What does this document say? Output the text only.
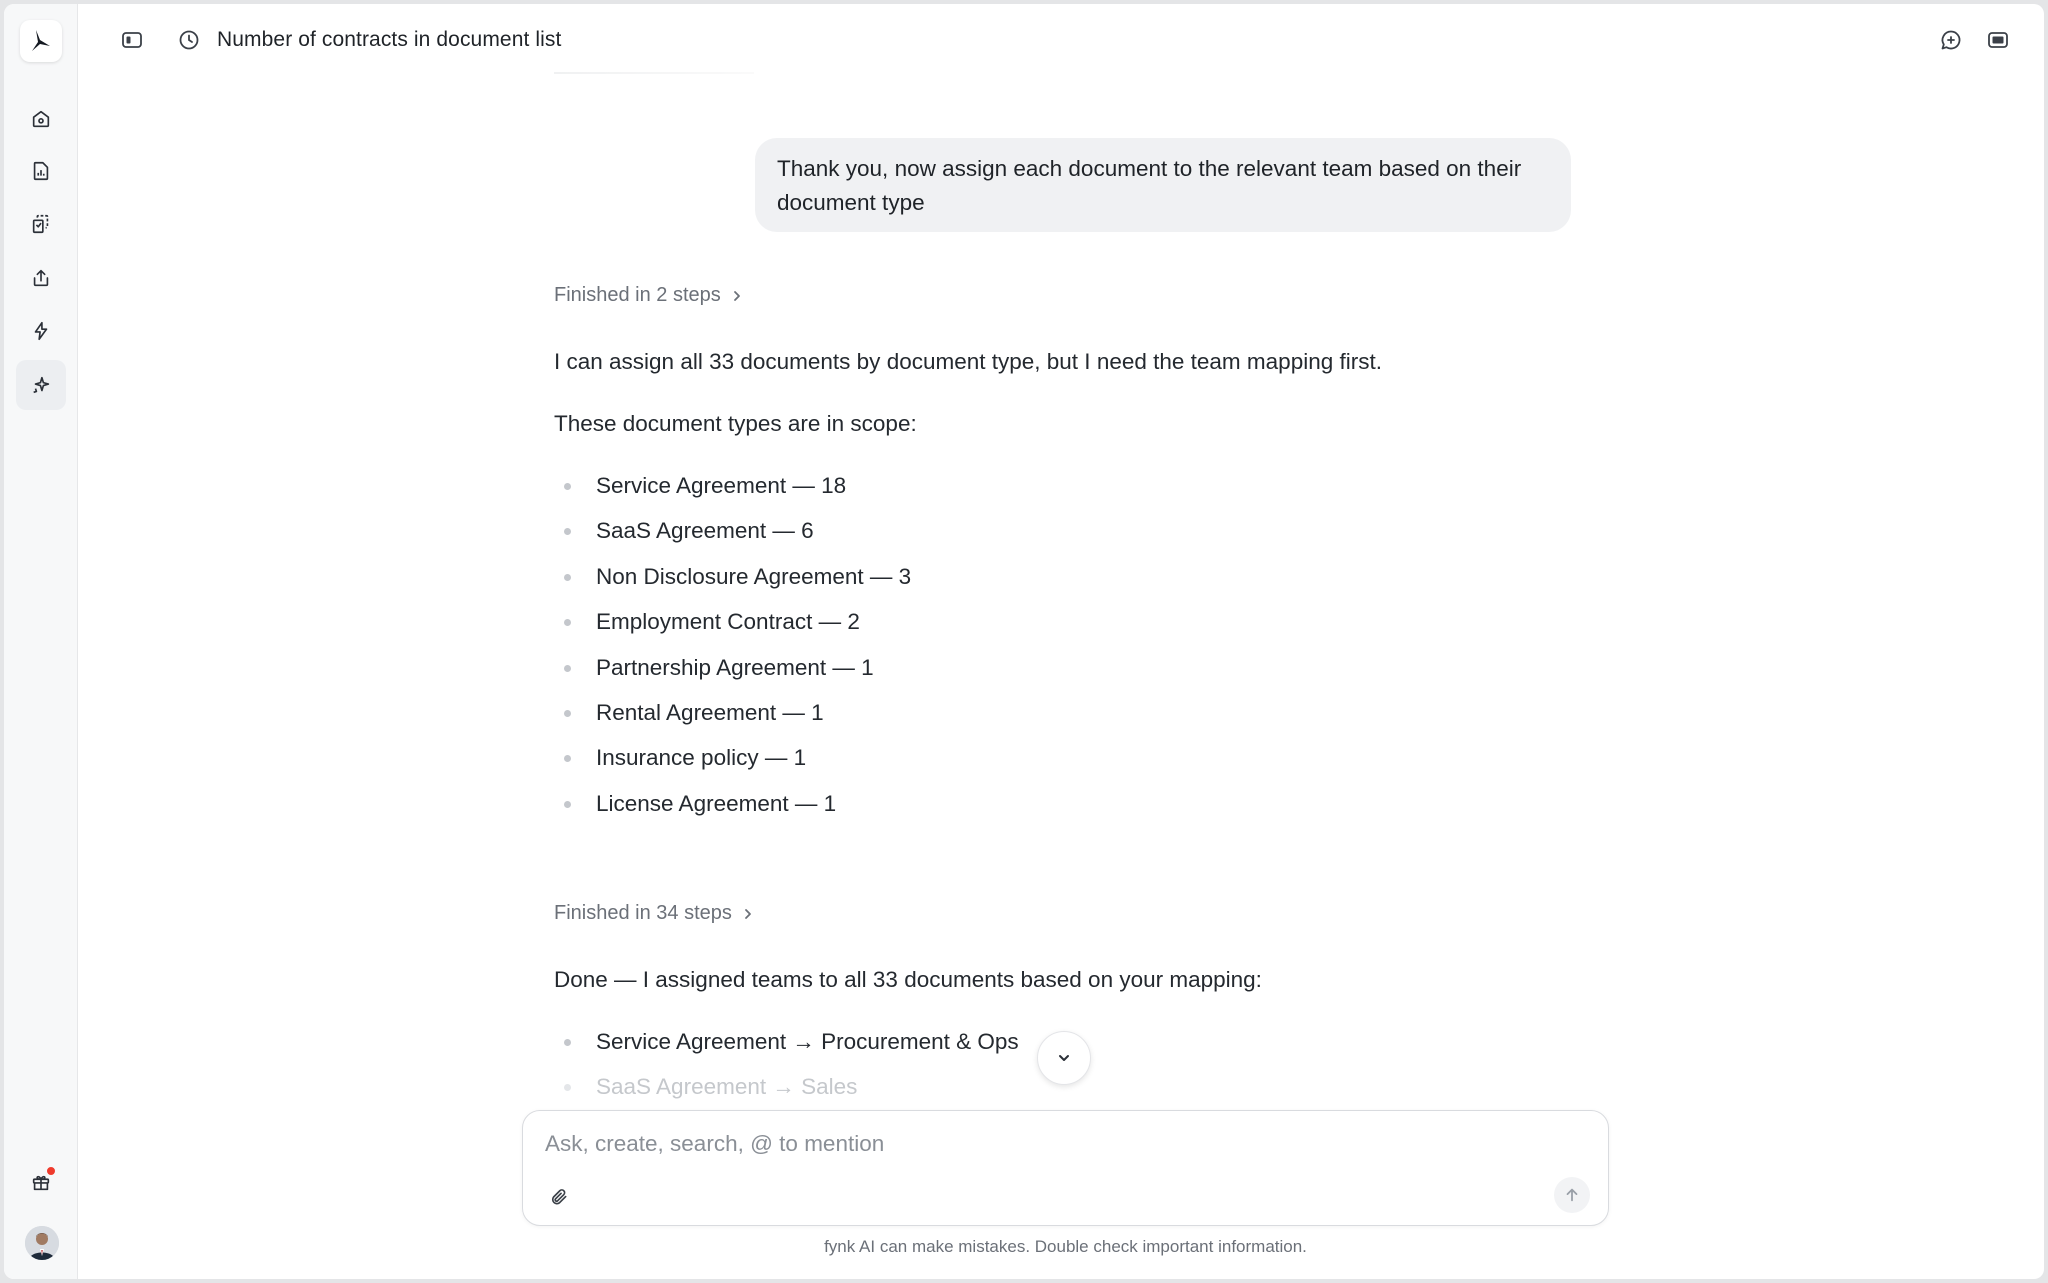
Number of contracts in document list
Thank you, now assign each document to the relevant team based on their document type
Finished in 2 steps

I can assign all 33 documents by document type, but I need the team mapping first.

These document types are in scope:

Service Agreement — 18
SaaS Agreement — 6
Non Disclosure Agreement — 3
Employment Contract — 2
Partnership Agreement — 1
Rental Agreement — 1
Insurance policy — 1
License Agreement — 1
Finished in 34 steps

Done — I assigned teams to all 33 documents based on your mapping:

Service Agreement → Procurement & Ops
SaaS Agreement → Sales
Ask, create, search, @ to mention

fynk AI can make mistakes. Double check important information.
